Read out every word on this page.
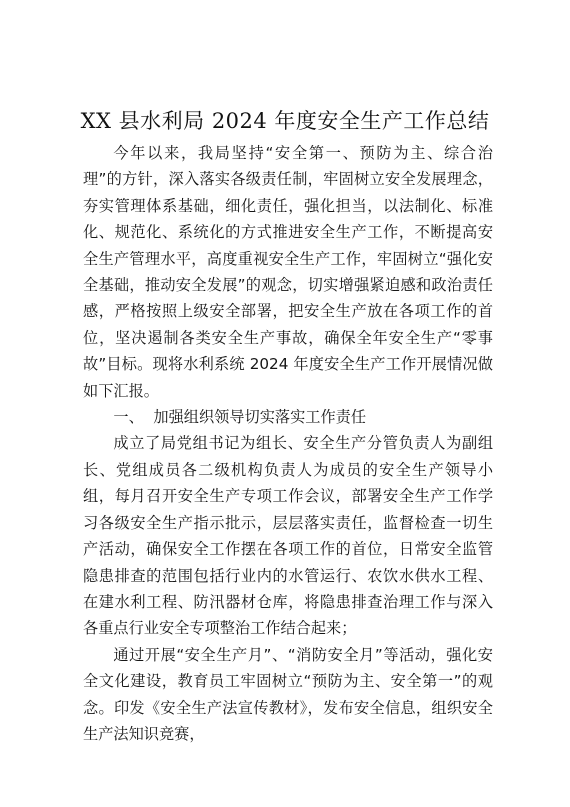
XX 县水利局 2024 年度安全生产工作总结

今年以来，我局坚持“安全第一、预防为主、综合治理”的方针，深入落实各级责任制，牢固树立安全发展理念，夯实管理体系基础，细化责任，强化担当，以法制化、标准化、规范化、系统化的方式推进安全生产工作，不断提高安全生产管理水平，高度重视安全生产工作，牢固树立“强化安全基础，推动安全发展”的观念，切实增强紧迫感和政治责任感，严格按照上级安全部署，把安全生产放在各项工作的首位，坚决遏制各类安全生产事故，确保全年安全生产“零事故”目标。现将水利系统 2024 年度安全生产工作开展情况做如下汇报。

一、  加强组织领导切实落实工作责任

成立了局党组书记为组长、安全生产分管负责人为副组长、党组成员各二级机构负责人为成员的安全生产领导小组，每月召开安全生产专项工作会议，部署安全生产工作学习各级安全生产指示批示，层层落实责任，监督检查一切生产活动，确保安全工作摆在各项工作的首位，日常安全监管隐患排查的范围包括行业内的水管运行、农饮水供水工程、在建水利工程、防汛器材仓库，将隐患排查治理工作与深入各重点行业安全专项整治工作结合起来；

通过开展“安全生产月”、“消防安全月”等活动，强化安全文化建设，教育员工牢固树立“预防为主、安全第一”的观念。印发《安全生产法宣传教材》，发布安全信息，组织安全生产法知识竞赛，
